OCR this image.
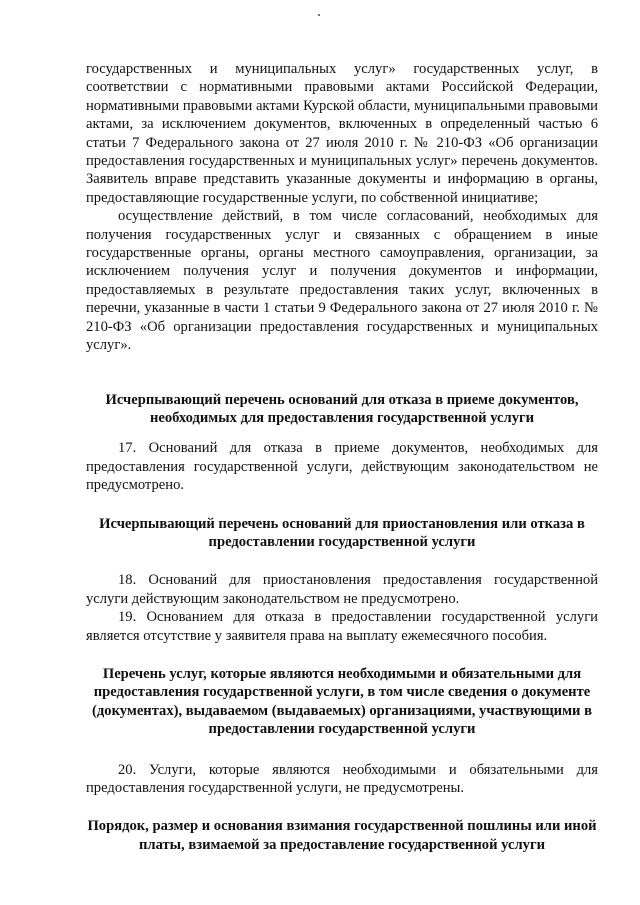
государственных и муниципальных услуг» государственных услуг, в соответствии с нормативными правовыми актами Российской Федерации, нормативными правовыми актами Курской области, муниципальными правовыми актами, за исключением документов, включенных в определенный частью 6 статьи 7 Федерального закона от 27 июля 2010 г. № 210-ФЗ «Об организации предоставления государственных и муниципальных услуг» перечень документов. Заявитель вправе представить указанные документы и информацию в органы, предоставляющие государственные услуги, по собственной инициативе;

осуществление действий, в том числе согласований, необходимых для получения государственных услуг и связанных с обращением в иные государственные органы, органы местного самоуправления, организации, за исключением получения услуг и получения документов и информации, предоставляемых в результате предоставления таких услуг, включенных в перечни, указанные в части 1 статьи 9 Федерального закона от 27 июля 2010 г. № 210-ФЗ «Об организации предоставления государственных и муниципальных услуг».

Исчерпывающий перечень оснований для отказа в приеме документов, необходимых для предоставления государственной услуги

17. Оснований для отказа в приеме документов, необходимых для предоставления государственной услуги, действующим законодательством не предусмотрено.

Исчерпывающий перечень оснований для приостановления или отказа в предоставлении государственной услуги

18. Оснований для приостановления предоставления государственной услуги действующим законодательством не предусмотрено.

19. Основанием для отказа в предоставлении государственной услуги является отсутствие у заявителя права на выплату ежемесячного пособия.

Перечень услуг, которые являются необходимыми и обязательными для предоставления государственной услуги, в том числе сведения о документе (документах), выдаваемом (выдаваемых) организациями, участвующими в предоставлении государственной услуги

20. Услуги, которые являются необходимыми и обязательными для предоставления государственной услуги, не предусмотрены.

Порядок, размер и основания взимания государственной пошлины или иной платы, взимаемой за предоставление государственной услуги
